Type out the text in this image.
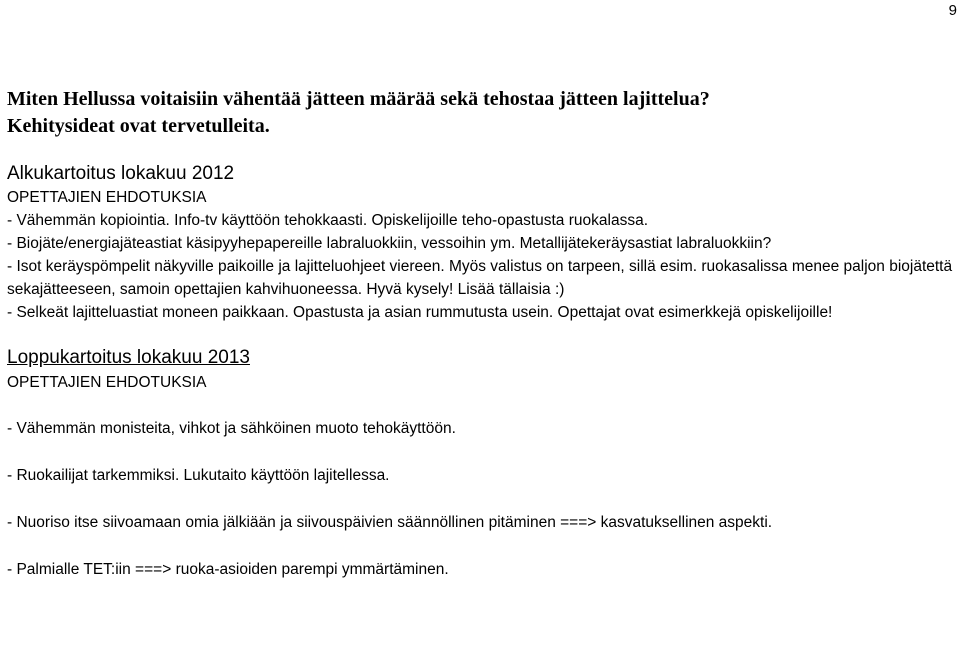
9
Miten Hellussa voitaisiin vähentää jätteen määrää sekä tehostaa jätteen lajittelua?
Kehitysideat ovat tervetulleita.
Alkukartoitus lokakuu 2012
OPETTAJIEN EHDOTUKSIA

- Vähemmän kopiointia. Info-tv käyttöön tehokkaasti. Opiskelijoille teho-opastusta ruokalassa.

- Biojäte/energiajäteastiat käsipyyhepapereille labraluokkiin, vessoihin ym. Metallijätekeräysastiat labraluokkiin?

- Isot keräyspömpelit näkyville paikoille ja lajitteluohjeet viereen. Myös valistus on tarpeen, sillä esim. ruokasalissa menee paljon biojätettä sekajätteeseen, samoin opettajien kahvihuoneessa. Hyvä kysely! Lisää tällaisia :)

- Selkeät lajitteluastiat moneen paikkaan. Opastusta ja asian rummutusta usein. Opettajat ovat esimerkkejä opiskelijoille!

Loppukartoitus lokakuu 2013
OPETTAJIEN EHDOTUKSIA

- Vähemmän monisteita, vihkot ja sähköinen muoto tehokäyttöön.

- Ruokailijat tarkemmiksi. Lukutaito käyttöön lajitellessa.

- Nuoriso itse siivoamaan omia jälkiään ja siivouspäivien säännöllinen pitäminen ===> kasvatuksellinen aspekti.

- Palmialle TET:iin ===> ruoka-asioiden parempi ymmärtäminen.
